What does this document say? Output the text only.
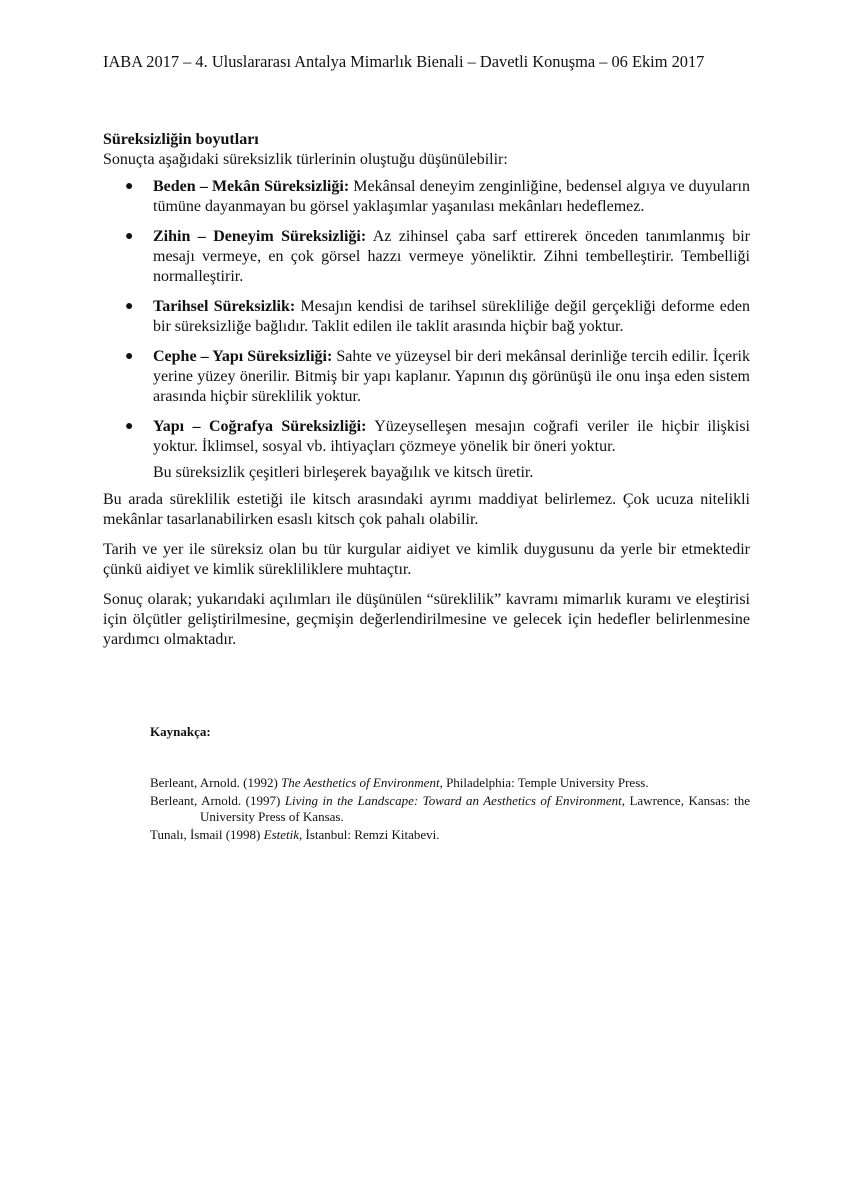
IABA 2017 – 4. Uluslararası Antalya Mimarlık Bienali – Davetli Konuşma – 06 Ekim 2017

Süreksizliğin boyutları

Sonuçta aşağıdaki süreksizlik türlerinin oluştuğu düşünülebilir:

● Beden – Mekân Süreksizliği: Mekânsal deneyim zenginliğine, bedensel algıya ve duyuların tümüne dayanmayan bu görsel yaklaşımlar yaşanılası mekânları hedeflemez.
● Zihin – Deneyim Süreksizliği: Az zihinsel çaba sarf ettirerek önceden tanımlanmış bir mesajı vermeye, en çok görsel hazzı vermeye yöneliktir. Zihni tembelleştirir. Tembelliği normalleştirir.
● Tarihsel Süreksizlik: Mesajın kendisi de tarihsel sürekliliğe değil gerçekliği deforme eden bir süreksizliğe bağlıdır. Taklit edilen ile taklit arasında hiçbir bağ yoktur.
● Cephe – Yapı Süreksizliği: Sahte ve yüzeysel bir deri mekânsal derinliğe tercih edilir. İçerik yerine yüzey önerilir. Bitmiş bir yapı kaplanır. Yapının dış görünüşü ile onu inşa eden sistem arasında hiçbir süreklilik yoktur.
● Yapı – Coğrafya Süreksizliği: Yüzeyselleşen mesajın coğrafi veriler ile hiçbir ilişkisi yoktur. İklimsel, sosyal vb. ihtiyaçları çözmeye yönelik bir öneri yoktur.

Bu süreksizlik çeşitleri birleşerek bayağılık ve kitsch üretir.

Bu arada süreklilik estetiği ile kitsch arasındaki ayrımı maddiyat belirlemez. Çok ucuza nitelikli mekânlar tasarlanabilirken esaslı kitsch çok pahalı olabilir.

Tarih ve yer ile süreksiz olan bu tür kurgular aidiyet ve kimlik duygusunu da yerle bir etmektedir çünkü aidiyet ve kimlik sürekliliklere muhtaçtır.

Sonuç olarak; yukarıdaki açılımları ile düşünülen “süreklilik” kavramı mimarlık kuramı ve eleştirisi için ölçütler geliştirilmesine, geçmişin değerlendirilmesine ve gelecek için hedefler belirlenmesine yardımcı olmaktadır.

Kaynakça:

Berleant, Arnold. (1992) The Aesthetics of Environment, Philadelphia: Temple University Press.

Berleant, Arnold. (1997) Living in the Landscape: Toward an Aesthetics of Environment, Lawrence, Kansas: the University Press of Kansas.

Tunalı, İsmail (1998) Estetik, İstanbul: Remzi Kitabevi.
